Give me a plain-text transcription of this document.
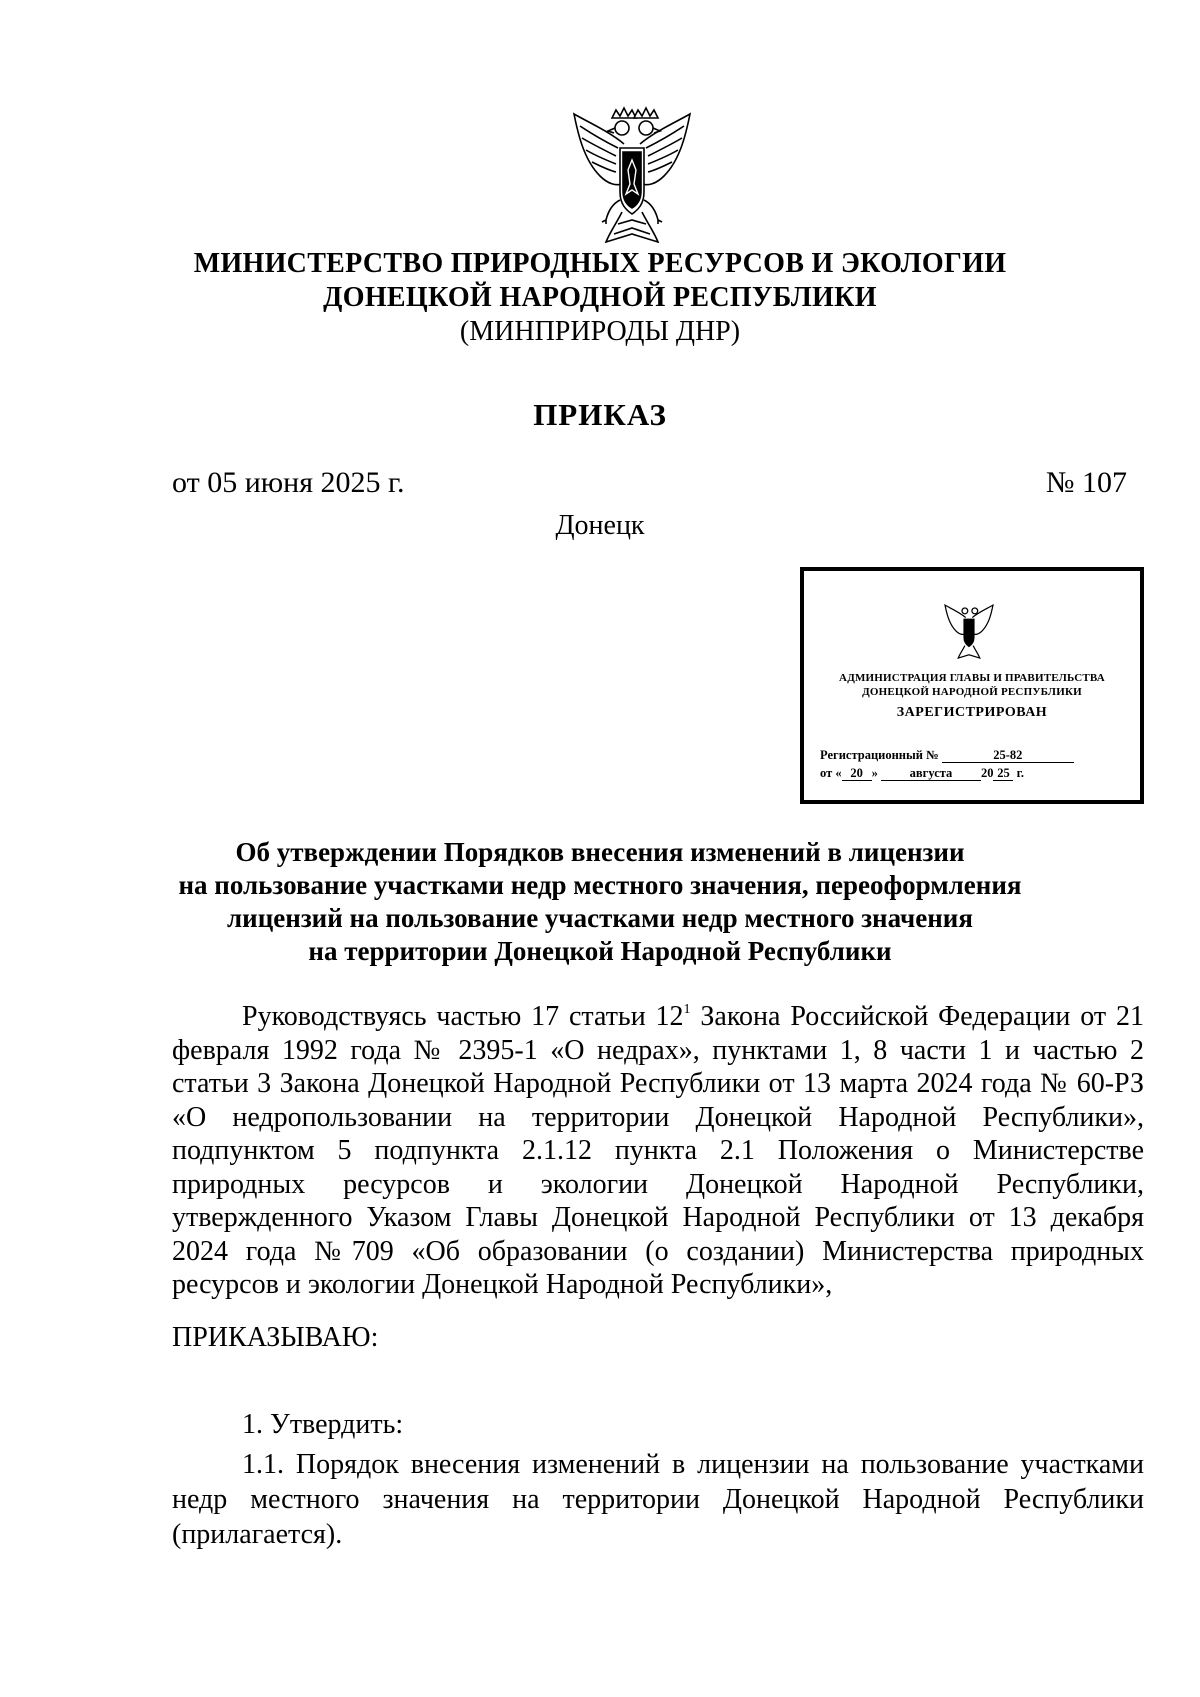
МИНИСТЕРСТВО ПРИРОДНЫХ РЕСУРСОВ И ЭКОЛОГИИ
ДОНЕЦКОЙ НАРОДНОЙ РЕСПУБЛИКИ
(МИНПРИРОДЫ ДНР)
ПРИКАЗ
от 05 июня 2025 г.	№ 107
Донецк
АДМИНИСТРАЦИЯ ГЛАВЫ И ПРАВИТЕЛЬСТВА
ДОНЕЦКОЙ НАРОДНОЙ РЕСПУБЛИКИ
ЗАРЕГИСТРИРОВАН
Регистрационный №	25-82
от « 20 »	августа 20 25 г.
Об утверждении Порядков внесения изменений в лицензии
на пользование участками недр местного значения, переоформления
лицензий на пользование участками недр местного значения
на территории Донецкой Народной Республики
Руководствуясь частью 17 статьи $12^1$ Закона Российской Федерации от 21 февраля 1992 года № 2395-1 «О недрах», пунктами 1, 8 части 1 и частью 2 статьи 3 Закона Донецкой Народной Республики от 13 марта 2024 года № 60-РЗ «О недропользовании на территории Донецкой Народной Республики», подпунктом 5 подпункта 2.1.12 пункта 2.1 Положения о Министерстве природных ресурсов и экологии Донецкой Народной Республики, утвержденного Указом Главы Донецкой Народной Республики от 13 декабря 2024 года №709 «Об образовании (о создании) Министерства природных ресурсов и экологии Донецкой Народной Республики»,
ПРИКАЗЫВАЮ:
1. Утвердить:
1.1. Порядок внесения изменений в лицензии на пользование участками недр местного значения на территории Донецкой Народной Республики (прилагается).
